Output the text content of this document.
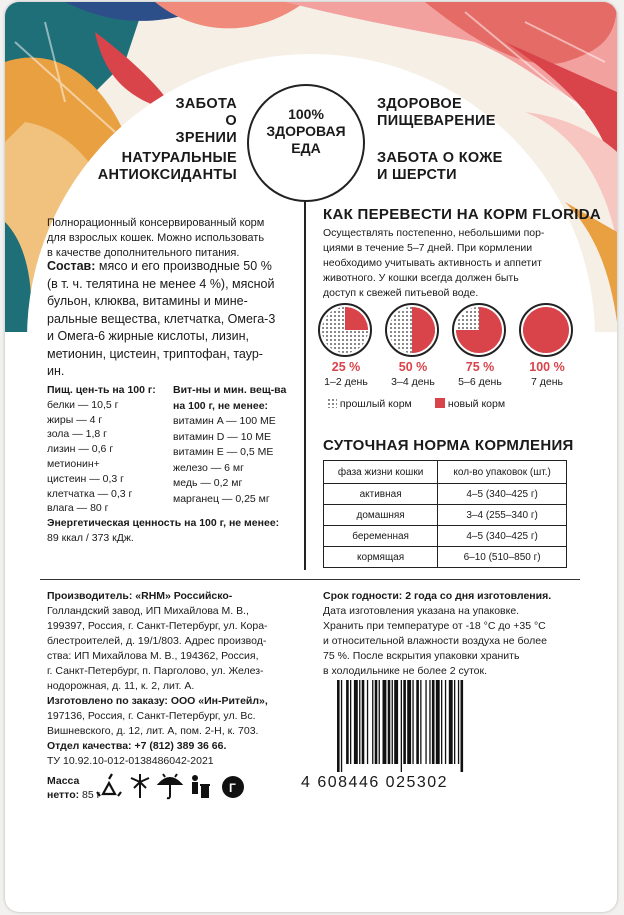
ЗАБОТА
О ЗРЕНИИ
НАТУРАЛЬНЫЕ
АНТИОКСИДАНТЫ
ЗДОРОВОЕ
ПИЩЕВАРЕНИЕ
ЗАБОТА О КОЖЕ
И ШЕРСТИ
100%
ЗДОРОВАЯ
ЕДА
Полнорационный консервированный корм
для взрослых кошек. Можно использовать
в качестве дополнительного питания.
Состав: мясо и его производные 50 %
(в т. ч. телятина не менее 4 %), мясной
бульон, клюква, витамины и минe-
ральные вещества, клетчатка, Омега-3
и Омега-6 жирные кислоты, лизин,
метионин, цистеин, триптофан, таур-
ин.
Пищ. цен-ть на 100 г:
белки — 10,5 г
жиры — 4 г
зола — 1,8 г
лизин — 0,6 г
метионин+
цистеин — 0,3 г
клетчатка — 0,3 г
влага — 80 г
Вит-ны и мин. вещ-ва
на 100 г, не менее:
витамин A — 100 МЕ
витамин D — 10 МЕ
витамин E — 0,5 МЕ
железо — 6 мг
медь — 0,2 мг
марганец — 0,25 мг
Энергетическая ценность на 100 г, не менее:
89 ккал / 373 кДж.
КАК ПЕРЕВЕСТИ НА КОРМ FLORIDA
Осуществлять постепенно, небольшими пор-
циями в течение 5–7 дней. При кормлении
необходимо учитывать активность и аппетит
животного. У кошки всегда должен быть
доступ к свежей питьевой воде.
25 %
1–2 день
50 %
3–4 день
75 %
5–6 день
100 %
7 день
прошлый корм	новый корм
СУТОЧНАЯ НОРМА КОРМЛЕНИЯ
фаза жизни кошки	кол-во упаковок (шт.)
активная	4–5 (340–425 г)
домашняя	3–4 (255–340 г)
беременная	4–5 (340–425 г)
кормящая	6–10 (510–850 г)
Производитель: «RHM» Российско-
Голландский завод, ИП Михайлова М. В.,
199397, Россия, г. Санкт-Петербург, ул. Кора-
блестроителей, д. 19/1/803. Адрес производ-
ства: ИП Михайлова М. В., 194362, Россия,
г. Санкт-Петербург, п. Парголово, ул. Желез-
нодорожная, д. 11, к. 2, лит. А.
Изготовлено по заказу: ООО «Ин-Ритейл»,
197136, Россия, г. Санкт-Петербург, ул. Вс.
Вишневского, д. 12, лит. А, пом. 2-Н, к. 703.
Отдел качества: +7 (812) 389 36 66.
ТУ 10.92.10-012-0138486042-2021
Срок годности: 2 года со дня изготовления.
Дата изготовления указана на упаковке.
Хранить при температуре от -18 °C до +35 °C
и относительной влажности воздуха не более
75 %. После вскрытия упаковки хранить
в холодильнике не более 2 суток.
Масса
нетто: 85 г	Г	4 608446 025302
